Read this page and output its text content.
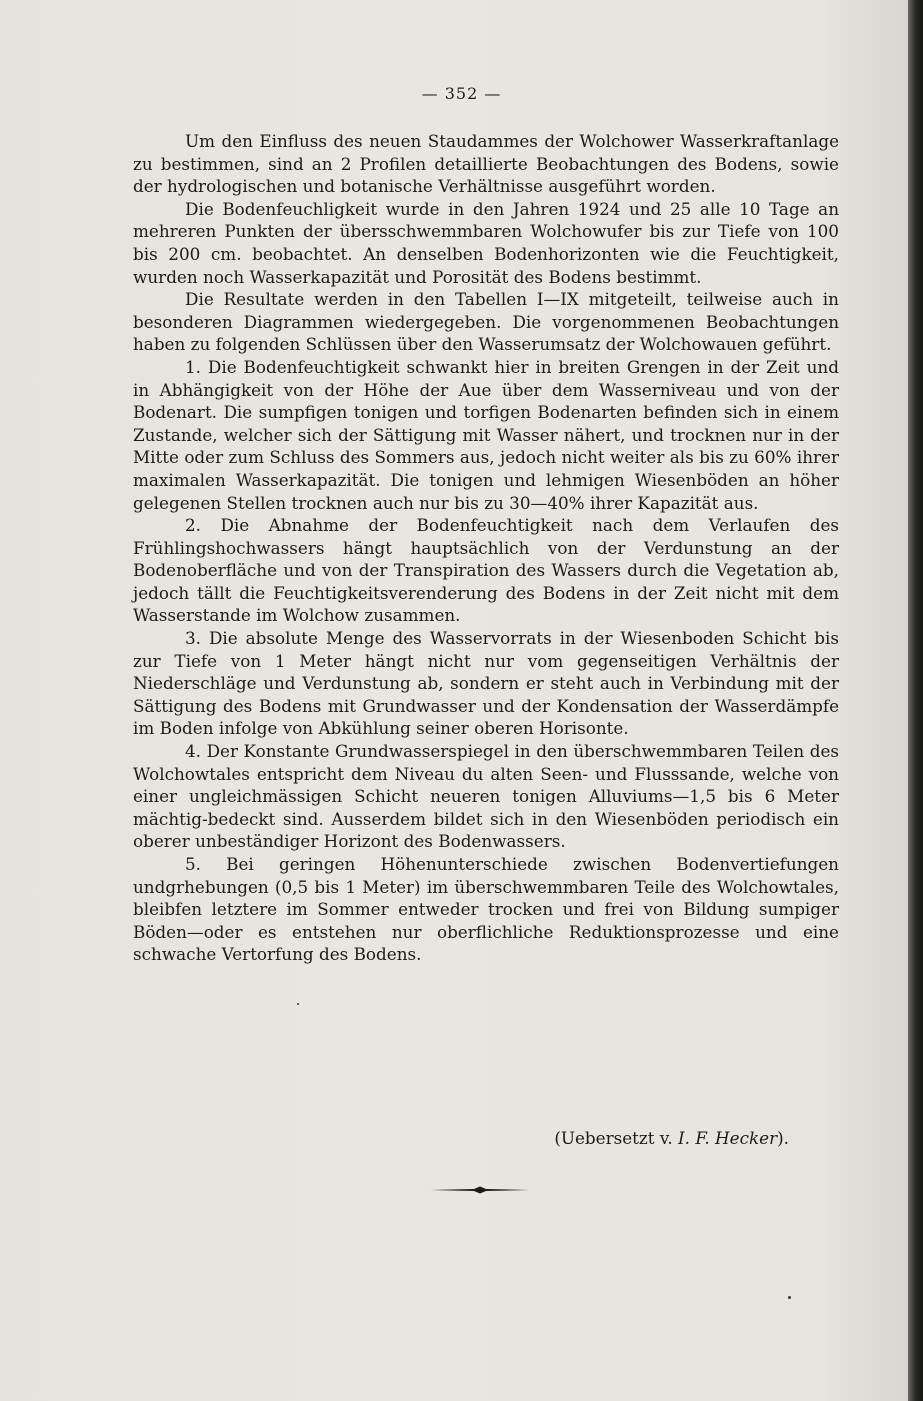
— 352 —

Um den Einfluss des neuen Staudammes der Wolchower Wasserkraftanlage zu bestimmen, sind an 2 Profilen detaillierte Beobachtungen des Bodens, sowie der hydrologischen und botanische Verhältnisse ausgeführt worden.

Die Bodenfeuchligkeit wurde in den Jahren 1924 und 25 alle 10 Tage an mehreren Punkten der übersschwemmbaren Wolchowufer bis zur Tiefe von 100 bis 200 cm. beobachtet. An denselben Bodenhorizonten wie die Feuchtigkeit, wurden noch Wasserkapazität und Porosität des Bodens bestimmt.

Die Resultate werden in den Tabellen I—IX mitgeteilt, teilweise auch in besonderen Diagrammen wiedergegeben. Die vorgenommenen Beobachtungen haben zu folgenden Schlüssen über den Wasserumsatz der Wolchowauen geführt.

1. Die Bodenfeuchtigkeit schwankt hier in breiten Grengen in der Zeit und in Abhängigkeit von der Höhe der Aue über dem Wasserniveau und von der Bodenart. Die sumpfigen tonigen und torfigen Bodenarten befinden sich in einem Zustande, welcher sich der Sättigung mit Wasser nähert, und trocknen nur in der Mitte oder zum Schluss des Sommers aus, jedoch nicht weiter als bis zu 60% ihrer maximalen Wasserkapazität. Die tonigen und lehmigen Wiesenböden an höher gelegenen Stellen trocknen auch nur bis zu 30—40% ihrer Kapazität aus.

2. Die Abnahme der Bodenfeuchtigkeit nach dem Verlaufen des Frühlingshochwassers hängt hauptsächlich von der Verdunstung an der Bodenoberfläche und von der Transpiration des Wassers durch die Vegetation ab, jedoch tällt die Feuchtigkeitsverenderung des Bodens in der Zeit nicht mit dem Wasserstande im Wolchow zusammen.

3. Die absolute Menge des Wasservorrats in der Wiesenboden Schicht bis zur Tiefe von 1 Meter hängt nicht nur vom gegenseitigen Verhältnis der Niederschläge und Verdunstung ab, sondern er steht auch in Verbindung mit der Sättigung des Bodens mit Grundwasser und der Kondensation der Wasserdämpfe im Boden infolge von Abkühlung seiner oberen Horisonte.

4. Der Konstante Grundwasserspiegel in den überschwemmbaren Teilen des Wolchowtales entspricht dem Niveau du alten Seen- und Flusssande, welche von einer ungleichmässigen Schicht neueren tonigen Alluviums—1,5 bis 6 Meter mächtig-bedeckt sind. Ausserdem bildet sich in den Wiesenböden periodisch ein oberer unbeständiger Horizont des Bodenwassers.

5. Bei geringen Höhenunterschiede zwischen Bodenvertiefungen undgrhebungen (0,5 bis 1 Meter) im überschwemmbaren Teile des Wolchowtales, bleibfen letztere im Sommer entweder trocken und frei von Bildung sumpiger Böden—oder es entstehen nur oberflichliche Reduktionsprozesse und eine schwache Vertorfung des Bodens.

(Uebersetzt v. I. F. Hecker).
